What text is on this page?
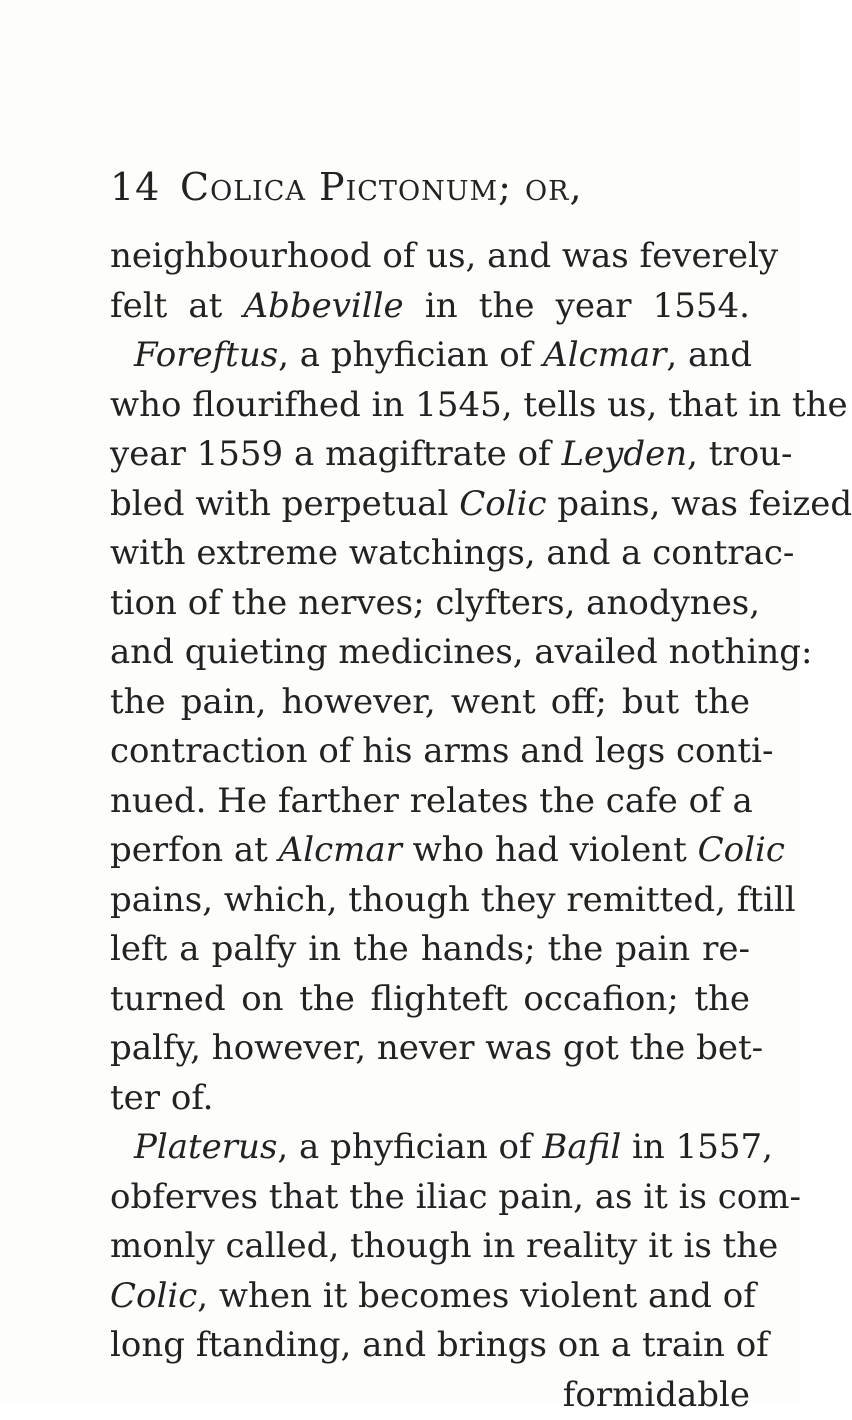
14 Colica Pictonum; or,
neighbourhood of us, and was feverely
felt at Abbeville in the year 1554.
Foreftus, a phyfician of Alcmar, and
who flourifhed in 1545, tells us, that in the
year 1559 a magiftrate of Leyden, trou-
bled with perpetual Colic pains, was feized
with extreme watchings, and a contrac-
tion of the nerves; clyfters, anodynes,
and quieting medicines, availed nothing:
the pain, however, went off; but the
contraction of his arms and legs conti-
nued. He farther relates the cafe of a
perfon at Alcmar who had violent Colic
pains, which, though they remitted, ftill
left a palfy in the hands; the pain re-
turned on the flighteft occafion; the
palfy, however, never was got the bet-
ter of.
Platerus, a phyfician of Bafil in 1557,
obferves that the iliac pain, as it is com-
monly called, though in reality it is the
Colic, when it becomes violent and of
long ftanding, and brings on a train of
formidable
